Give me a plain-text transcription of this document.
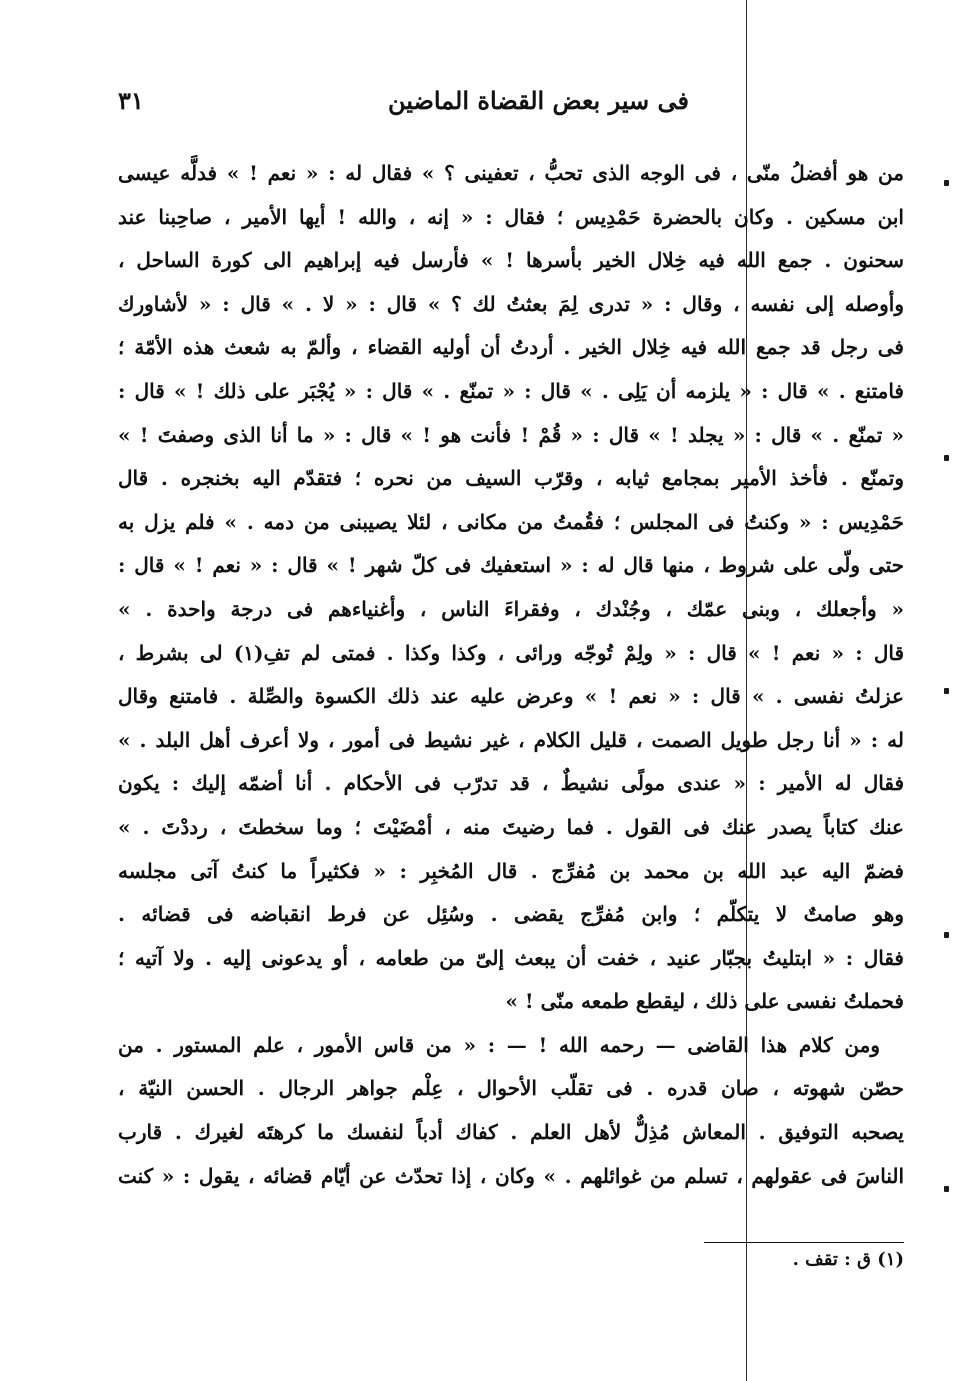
فى سير بعض القضاة الماضين
٣١
من هو أفضلُ منّى ، فى الوجه الذى تحبُّ ، تعفينى ؟ » فقال له : « نعم ! » فدلَّه عيسى
ابن مسكين . وكان بالحضرة حَمْدِيس ؛ فقال : « إنه ، والله ! أيها الأمير ، صاحِبنا عند
سحنون . جمع الله فيه خِلال الخير بأسرها ! » فأرسل فيه إبراهيم الى كورة الساحل ،
وأوصله إلى نفسه ، وقال : « تدرى لِمَ بعثتُ لك ؟ » قال : « لا . » قال : « لأشاورك
فى رجل قد جمع الله فيه خِلال الخير . أردتُ أن أوليه القضاء ، وألمّ به شعث هذه الأمّة ؛
فامتنع . » قال : « يلزمه أن يَلِى . » قال : « تمنّع . » قال : « يُجْبَر على ذلك ! » قال :
« تمنّع . » قال : « يجلد ! » قال : « قُمْ ! فأنت هو ! » قال : « ما أنا الذى وصفتَ ! »
وتمنّع . فأخذ الأمير بمجامع ثيابه ، وقرّب السيف من نحره ؛ فتقدّم اليه بخنجره . قال
حَمْدِيس : « وكنتُ فى المجلس ؛ فقُمتُ من مكانى ، لئلا يصيبنى من دمه . » فلم يزل به
حتى ولّى على شروط ، منها قال له : « استعفيك فى كلّ شهر ! » قال : « نعم ! » قال :
« وأجعلك ، وبنى عمّك ، وجُنْدك ، وفقراءَ الناس ، وأغنياءهم فى درجة واحدة . »
قال : « نعم ! » قال : « ولِمْ تُوجّه ورائى ، وكذا وكذا . فمتى لم تفِ(١) لى بشرط ،
عزلتُ نفسى . » قال : « نعم ! » وعرض عليه عند ذلك الكسوة والصِّلة . فامتنع وقال
له : « أنا رجل طويل الصمت ، قليل الكلام ، غير نشيط فى أمور ، ولا أعرف أهل البلد . »
فقال له الأمير : « عندى مولًى نشيطٌ ، قد تدرّب فى الأحكام . أنا أضمّه إليك : يكون
عنك كتاباً يصدر عنك فى القول . فما رضيتَ منه ، أمْضَيْتَ ؛ وما سخطتَ ، رددْتَ . »
فضمّ اليه عبد الله بن محمد بن مُفرِّج . قال المُخبِر : « فكثيراً ما كنتُ آتى مجلسه
وهو صامتٌ لا يتكلّم ؛ وابن مُفرِّج يقضى . وسُئِل عن فرط انقباضه فى قضائه .
فقال : « ابتليتُ بجبّار عنيد ، خفت أن يبعث إلىّ من طعامه ، أو يدعونى إليه . ولا آتيه ؛
فحملتُ نفسى على ذلك ، ليقطع طمعه منّى ! »
ومن كلام هذا القاضى — رحمه الله ! — : « من قاس الأمور ، علم المستور . من
حصّن شهوته ، صان قدره . فى تقلّب الأحوال ، عِلْم جواهر الرجال . الحسن النيّة ،
يصحبه التوفيق . المعاش مُذِلٌّ لأهل العلم . كفاك أدباً لنفسك ما كرهتَه لغيرك . قارب
الناسَ فى عقولهم ، تسلم من غوائلهم . » وكان ، إذا تحدّث عن أيّام قضائه ، يقول : « كنت
(١) ق : تقف .
